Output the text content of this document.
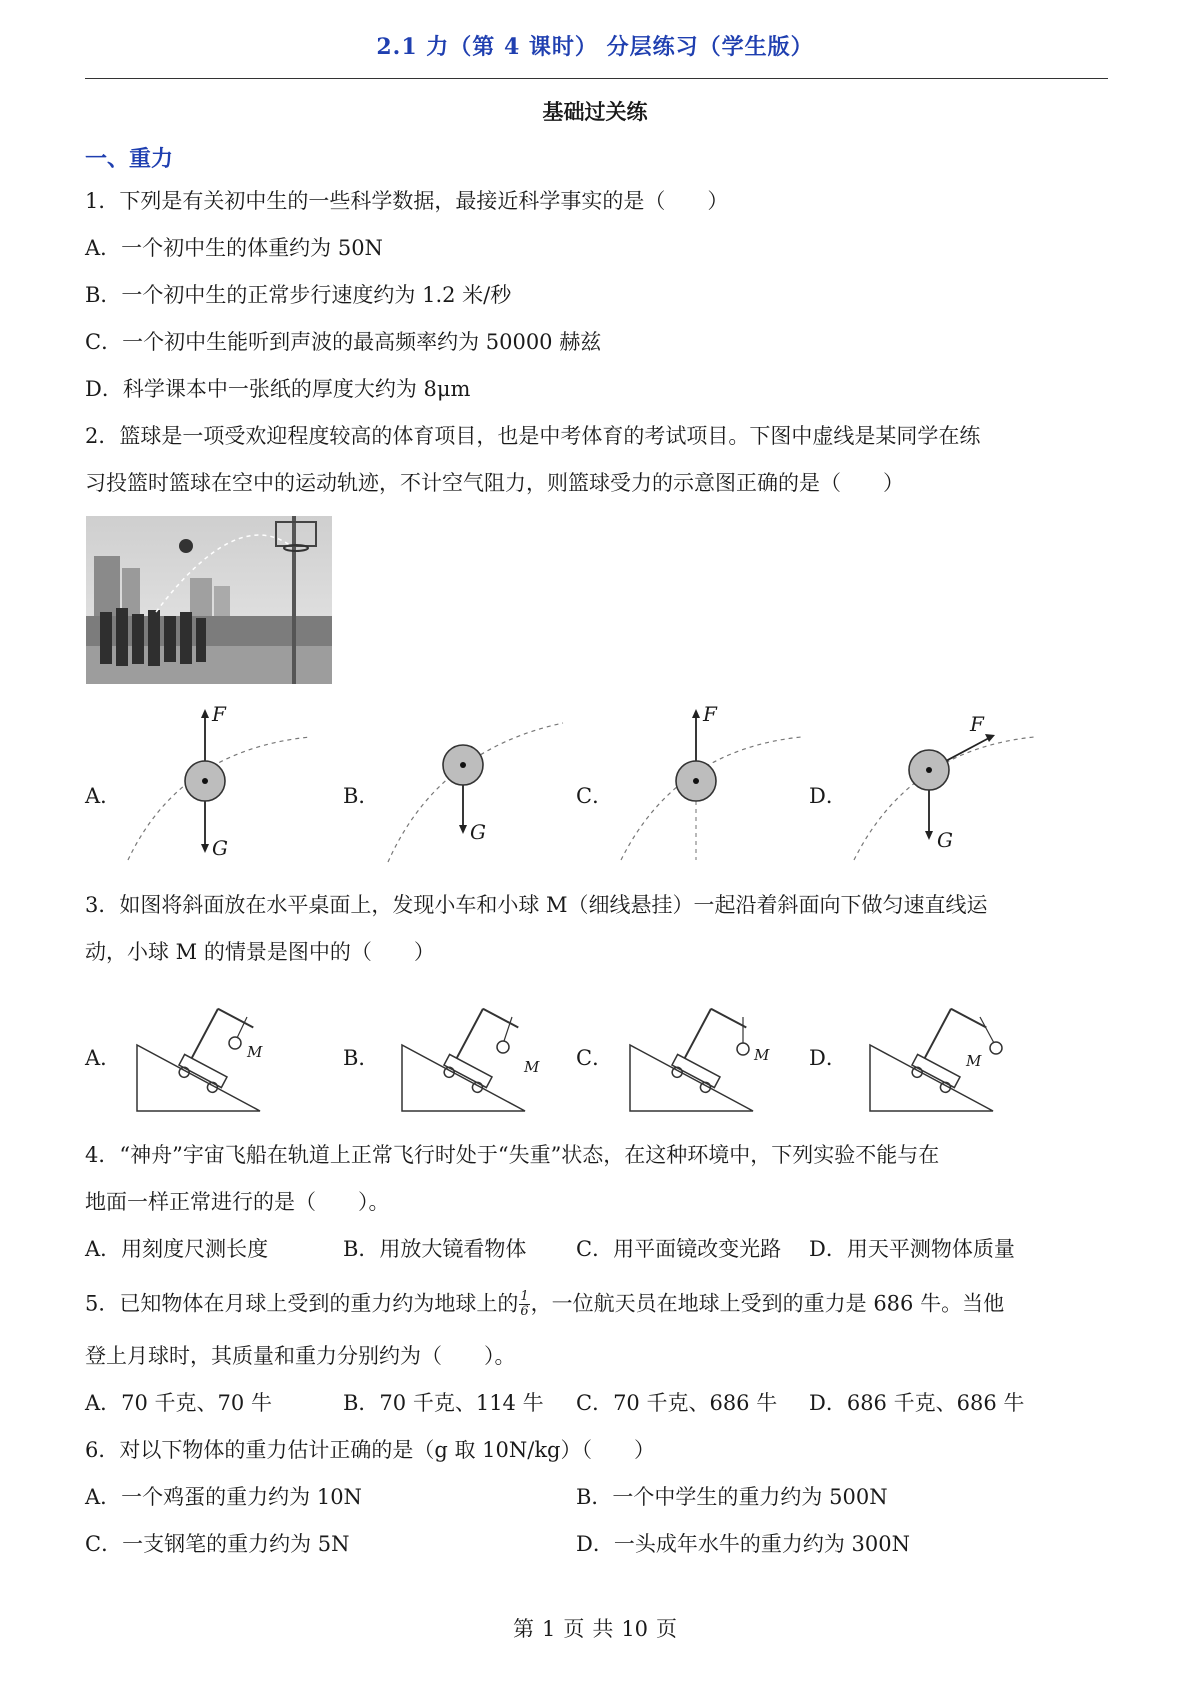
2.1 力（第 4 课时） 分层练习（学生版）
基础过关练
一、重力
1．下列是有关初中生的一些科学数据，最接近科学事实的是（　　）
A．一个初中生的体重约为 50N
B．一个初中生的正常步行速度约为 1.2 米/秒
C．一个初中生能听到声波的最高频率约为 50000 赫兹
D．科学课本中一张纸的厚度大约为 8μm
2．篮球是一项受欢迎程度较高的体育项目，也是中考体育的考试项目。下图中虚线是某同学在练
习投篮时篮球在空中的运动轨迹，不计空气阻力，则篮球受力的示意图正确的是（　　）
A．
F
G
B．
G
C．
F
D．
F
G
3．如图将斜面放在水平桌面上，发现小车和小球 M（细线悬挂）一起沿着斜面向下做匀速直线运
动，小球 M 的情景是图中的（　　）
A．	M	B．	M C．	M D．	M
4．“神舟”宇宙飞船在轨道上正常飞行时处于“失重”状态，在这种环境中，下列实验不能与在
地面一样正常进行的是（　　）。
A．用刻度尺测长度	B．用放大镜看物体 C．用平面镜改变光路 D．用天平测物体质量
5．已知物体在月球上受到的重力约为地球上的 $\frac{1}{6}$ ，一位航天员在地球上受到的重力是 686 牛。当他
登上月球时，其质量和重力分别约为（　　）。
A．70 千克、70 牛	B．70 千克、114 牛 C．70 千克、686 牛 D．686 千克、686 牛
6．对以下物体的重力估计正确的是（g 取 10N/kg）（　　）
A．一个鸡蛋的重力约为 10N	B．一个中学生的重力约为 500N
C．一支钢笔的重力约为 5N	D．一头成年水牛的重力约为 300N
第 1 页 共 10 页
